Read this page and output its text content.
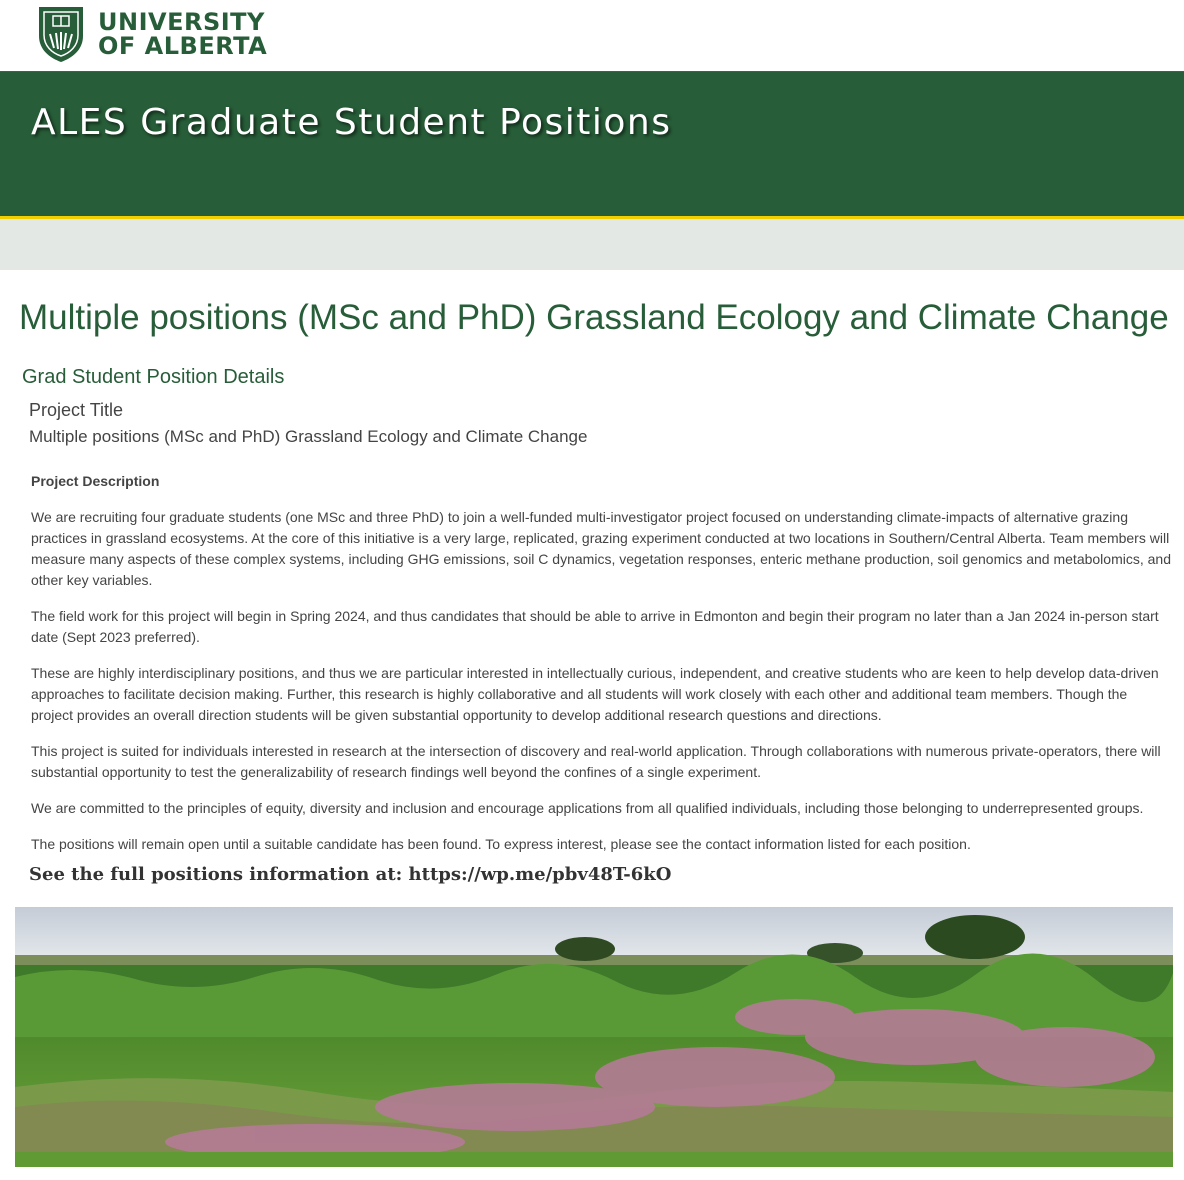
UNIVERSITY
OF ALBERTA
ALES Graduate Student Positions
Multiple positions (MSc and PhD) Grassland Ecology and Climate Change
Grad Student Position Details
Project Title
Multiple positions (MSc and PhD) Grassland Ecology and Climate Change
Project Description

We are recruiting four graduate students (one MSc and three PhD) to join a well-funded multi-investigator project focused on understanding climate-impacts of alternative grazing practices in grassland ecosystems. At the core of this initiative is a very large, replicated, grazing experiment conducted at two locations in Southern/Central Alberta. Team members will measure many aspects of these complex systems, including GHG emissions, soil C dynamics, vegetation responses, enteric methane production, soil genomics and metabolomics, and other key variables.

The field work for this project will begin in Spring 2024, and thus candidates that should be able to arrive in Edmonton and begin their program no later than a Jan 2024 in-person start date (Sept 2023 preferred).

These are highly interdisciplinary positions, and thus we are particular interested in intellectually curious, independent, and creative students who are keen to help develop data-driven approaches to facilitate decision making. Further, this research is highly collaborative and all students will work closely with each other and additional team members. Though the project provides an overall direction students will be given substantial opportunity to develop additional research questions and directions.

This project is suited for individuals interested in research at the intersection of discovery and real-world application. Through collaborations with numerous private-operators, there will substantial opportunity to test the generalizability of research findings well beyond the confines of a single experiment.

We are committed to the principles of equity, diversity and inclusion and encourage applications from all qualified individuals, including those belonging to underrepresented groups.

The positions will remain open until a suitable candidate has been found. To express interest, please see the contact information listed for each position.

See the full positions information at: https://wp.me/pbv48T-6kO
